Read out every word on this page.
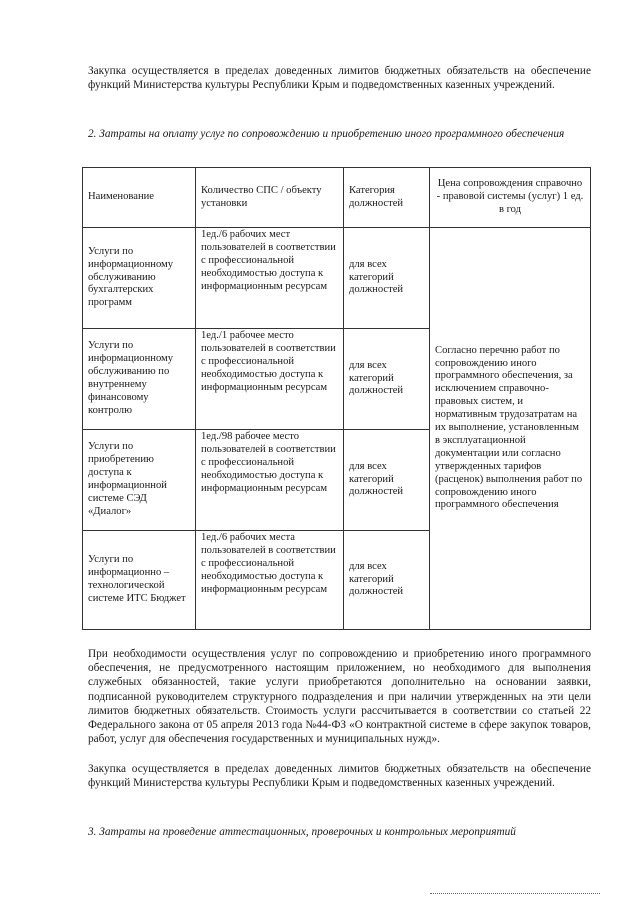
Закупка осуществляется в пределах доведенных лимитов бюджетных обязательств на обеспечение функций Министерства культуры Республики Крым и подведомственных казенных учреждений.
2. Затраты на оплату услуг по сопровождению и приобретению иного программного обеспечения
Наименование	Количество СПС / объекту установки	Категория должностей	Цена сопровождения справочно - правовой системы (услуг) 1 ед. в год
Услуги по информационному обслуживанию бухгалтерских программ	1ед./6 рабочих мест пользователей в соответствии с профессиональной необходимостью доступа к информационным ресурсам	для всех категорий должностей	Согласно перечню работ по сопровождению иного программного обеспечения, за исключением справочно-правовых систем, и нормативным трудозатратам на их выполнение, установленным в эксплуатационной документации или согласно утвержденных тарифов (расценок) выполнения работ по сопровождению иного программного обеспечения
Услуги по информационному обслуживанию по внутреннему финансовому контролю	1ед./1 рабочее место пользователей в соответствии с профессиональной необходимостью доступа к информационным ресурсам	для всех категорий должностей	
Услуги по приобретению доступа к информационной системе СЭД «Диалог»	1ед./98 рабочее место пользователей в соответствии с профессиональной необходимостью доступа к информационным ресурсам	для всех категорий должностей	
Услуги по информационно – технологической системе ИТС Бюджет	1ед./6 рабочих места пользователей в соответствии с профессиональной необходимостью доступа к информационным ресурсам	для всех категорий должностей	
При необходимости осуществления услуг по сопровождению и приобретению иного программного обеспечения, не предусмотренного настоящим приложением, но необходимого для выполнения служебных обязанностей, такие услуги приобретаются дополнительно на основании заявки, подписанной руководителем структурного подразделения и при наличии утвержденных на эти цели лимитов бюджетных обязательств. Стоимость услуги рассчитывается в соответствии со статьей 22 Федерального закона от 05 апреля 2013 года №44-ФЗ «О контрактной системе в сфере закупок товаров, работ, услуг для обеспечения государственных и муниципальных нужд».
Закупка осуществляется в пределах доведенных лимитов бюджетных обязательств на обеспечение функций Министерства культуры Республики Крым и подведомственных казенных учреждений.
3. Затраты на проведение аттестационных, проверочных и контрольных мероприятий
